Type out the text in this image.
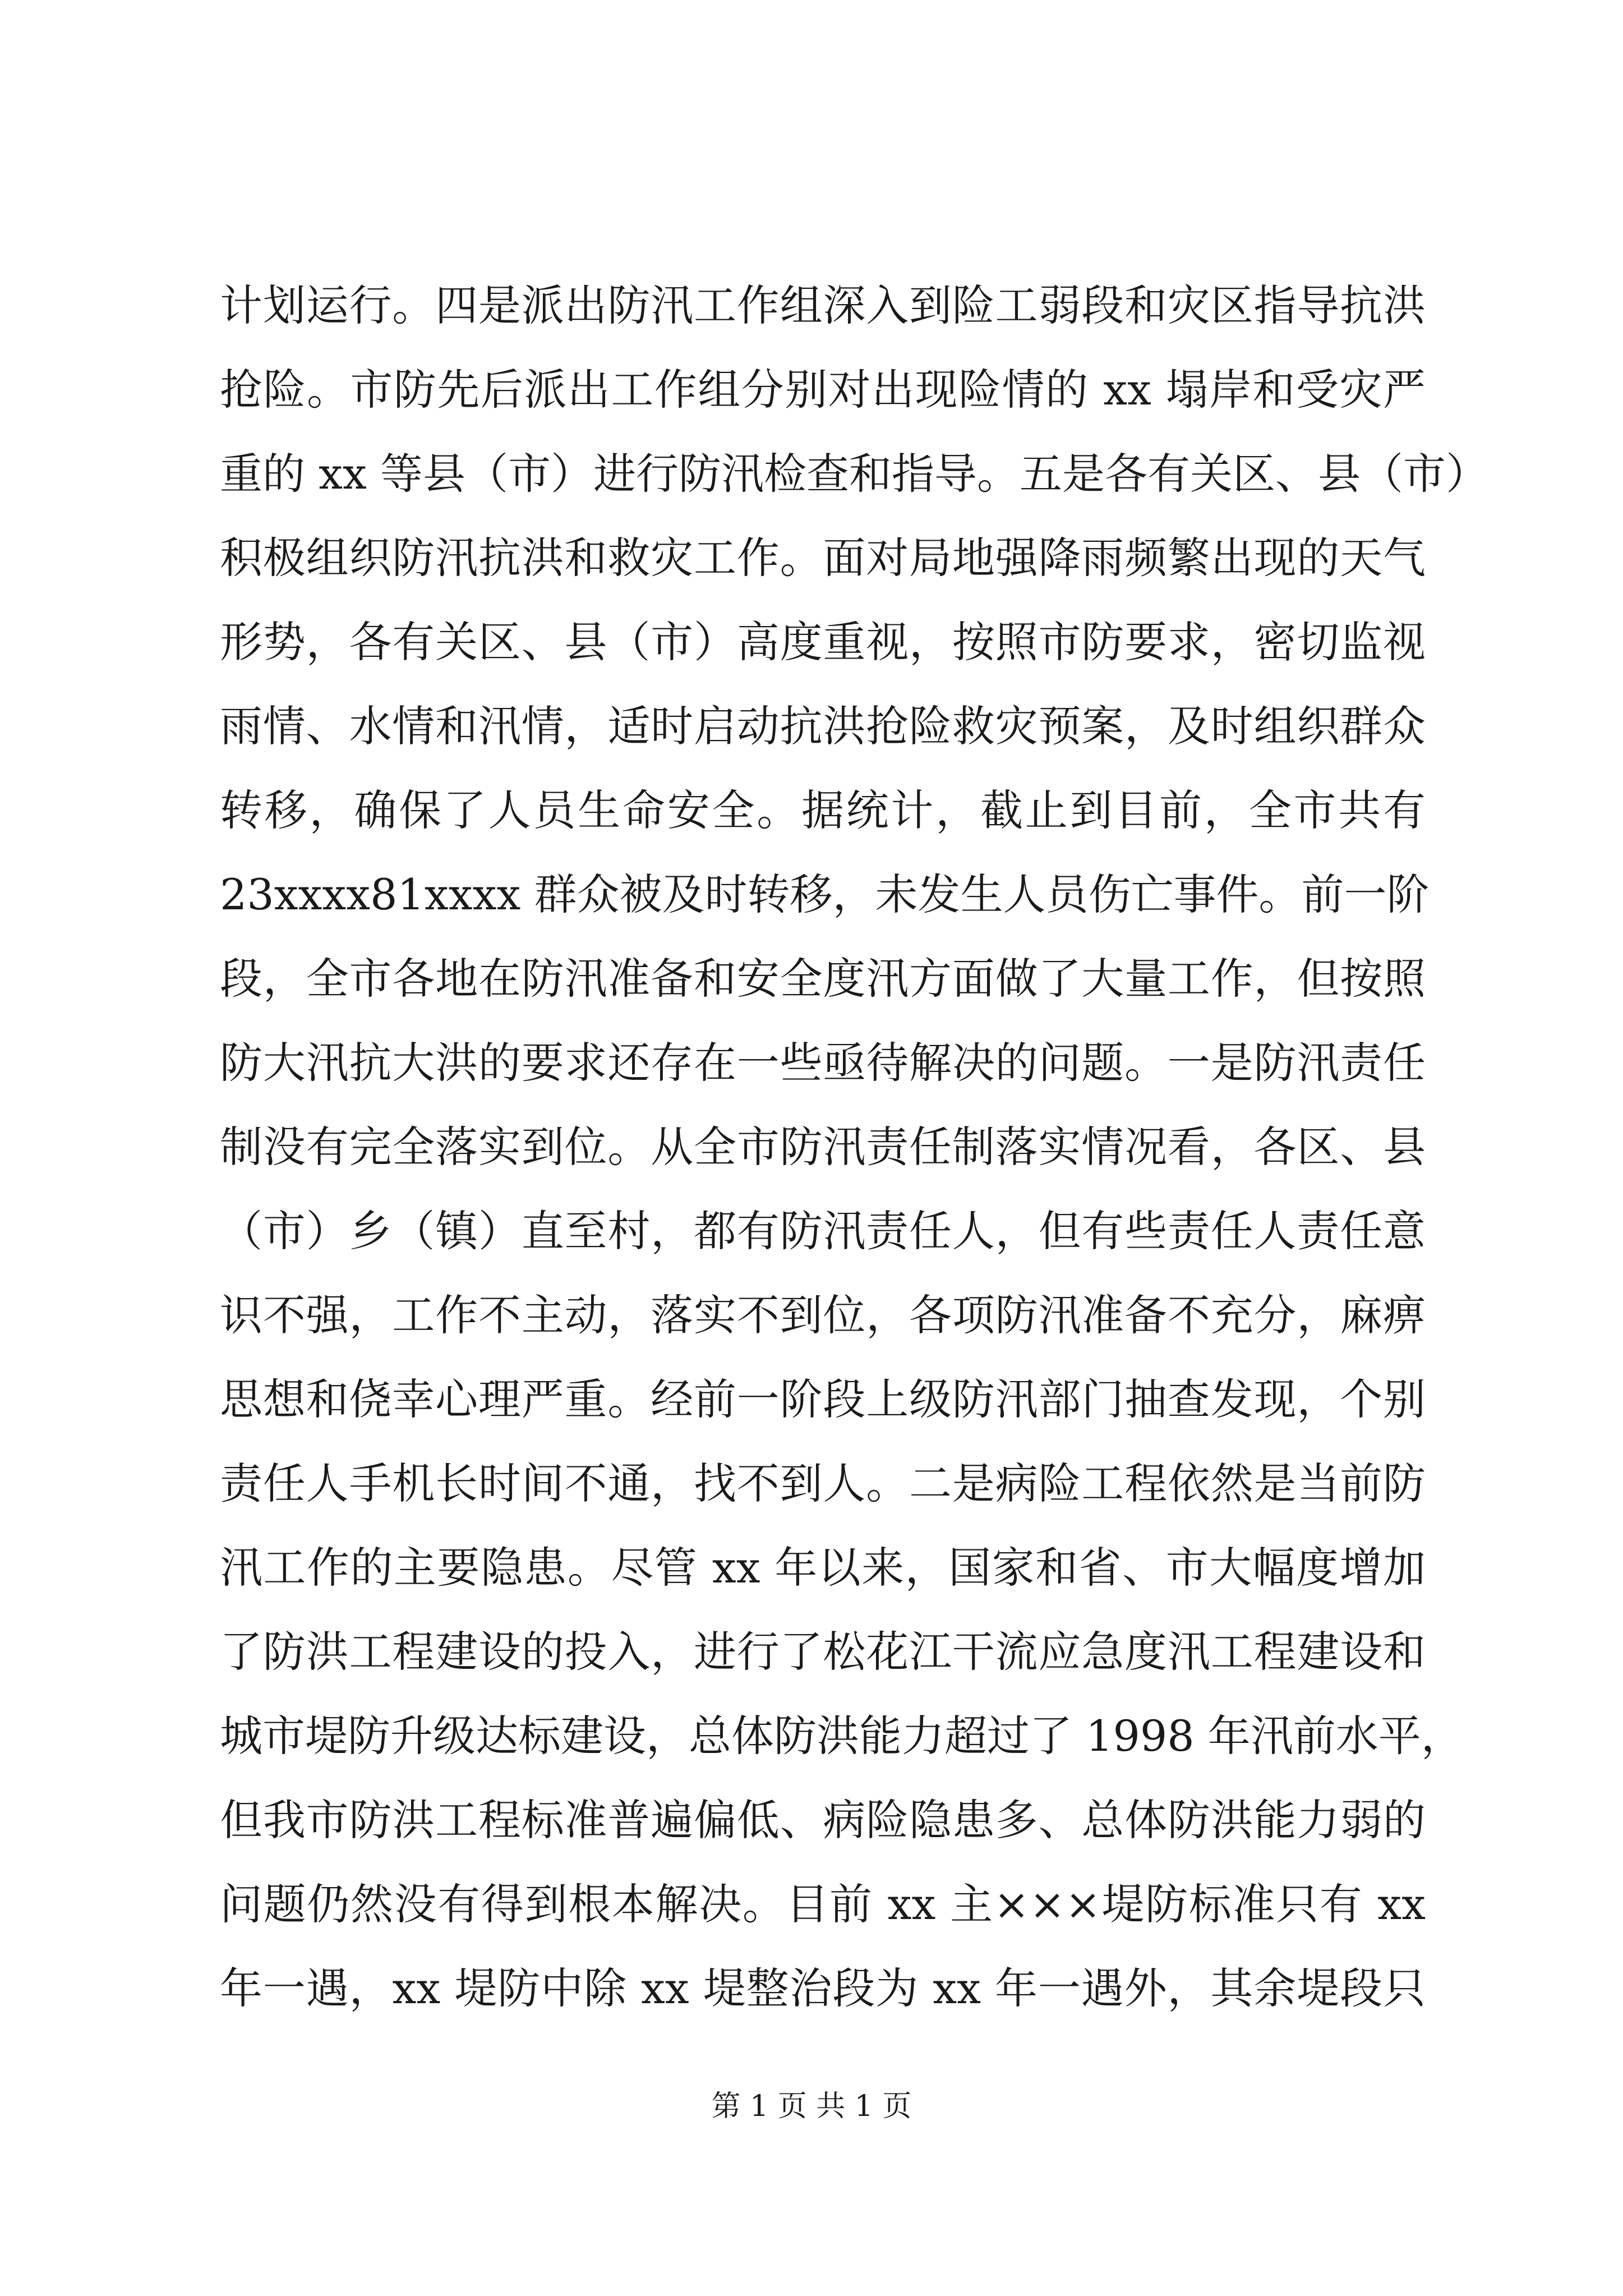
计划运行。四是派出防汛工作组深入到险工弱段和灾区指导抗洪
抢险。市防先后派出工作组分别对出现险情的 xx 塌岸和受灾严
重的 xx 等县（市）进行防汛检查和指导。五是各有关区、县（市）
积极组织防汛抗洪和救灾工作。面对局地强降雨频繁出现的天气
形势，各有关区、县（市）高度重视，按照市防要求，密切监视
雨情、水情和汛情，适时启动抗洪抢险救灾预案，及时组织群众
转移，确保了人员生命安全。据统计，截止到目前，全市共有
23xxxx81xxxx 群众被及时转移，未发生人员伤亡事件。前一阶
段，全市各地在防汛准备和安全度汛方面做了大量工作，但按照
防大汛抗大洪的要求还存在一些亟待解决的问题。一是防汛责任
制没有完全落实到位。从全市防汛责任制落实情况看，各区、县
（市）乡（镇）直至村，都有防汛责任人，但有些责任人责任意
识不强，工作不主动，落实不到位，各项防汛准备不充分，麻痹
思想和侥幸心理严重。经前一阶段上级防汛部门抽查发现，个别
责任人手机长时间不通，找不到人。二是病险工程依然是当前防
汛工作的主要隐患。尽管 xx 年以来，国家和省、市大幅度增加
了防洪工程建设的投入，进行了松花江干流应急度汛工程建设和
城市堤防升级达标建设，总体防洪能力超过了 1998 年汛前水平，
但我市防洪工程标准普遍偏低、病险隐患多、总体防洪能力弱的
问题仍然没有得到根本解决。目前 xx 主×××堤防标准只有 xx
年一遇，xx 堤防中除 xx 堤整治段为 xx 年一遇外，其余堤段只
第 1 页 共 1 页
